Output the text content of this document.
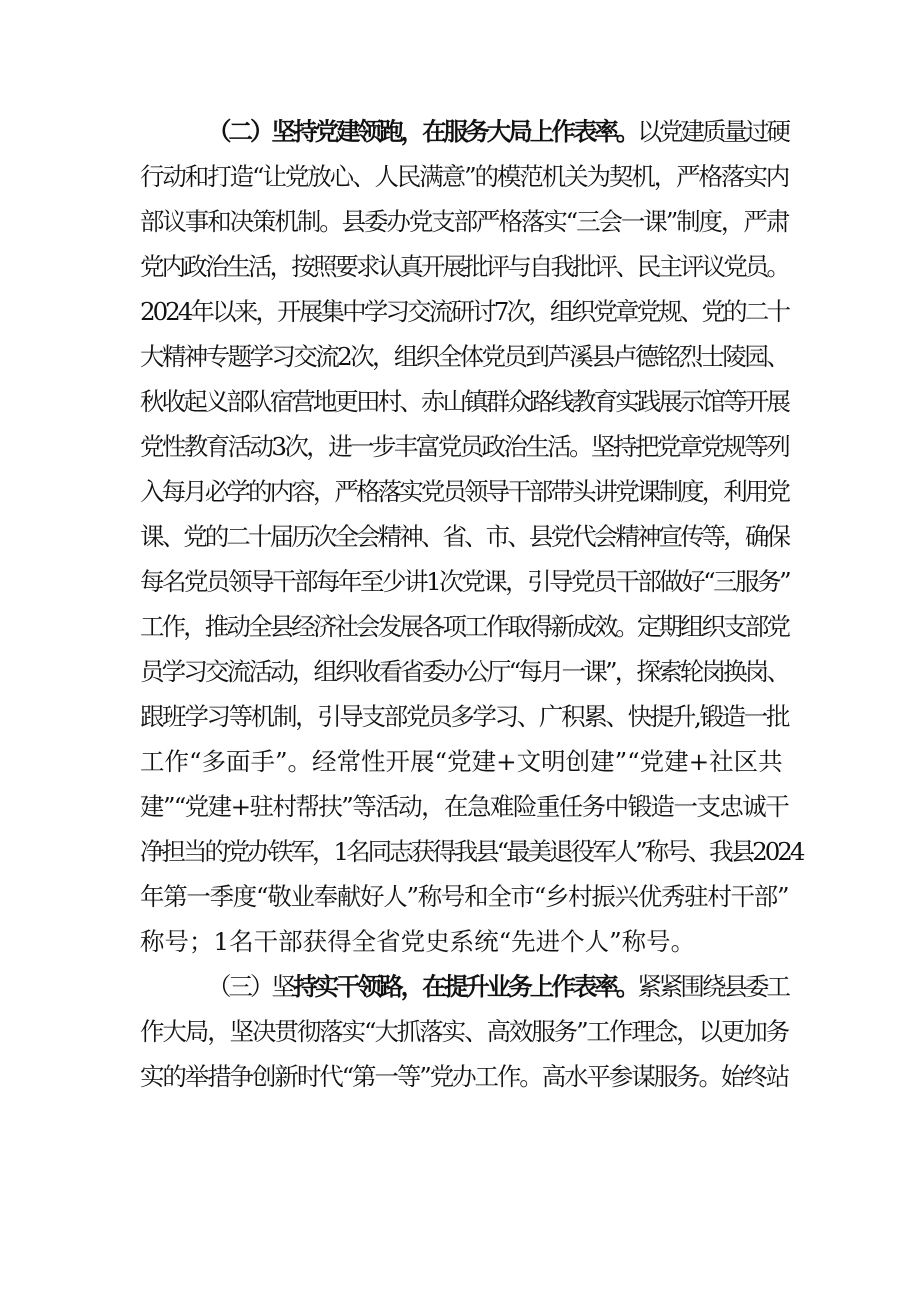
（二）坚持党建领跑，在服务大局上作表率。以党建质量过硬
行动和打造“让党放心、人民满意”的模范机关为契机，严格落实内
部议事和决策机制。县委办党支部严格落实“三会一课”制度，严肃
党内政治生活，按照要求认真开展批评与自我批评、民主评议党员。
2024年以来，开展集中学习交流研讨7次，组织党章党规、党的二十
大精神专题学习交流2次，组织全体党员到芦溪县卢德铭烈士陵园、
秋收起义部队宿营地更田村、赤山镇群众路线教育实践展示馆等开展
党性教育活动3次，进一步丰富党员政治生活。坚持把党章党规等列
入每月必学的内容，严格落实党员领导干部带头讲党课制度，利用党
课、党的二十届历次全会精神、省、市、县党代会精神宣传等，确保
每名党员领导干部每年至少讲1次党课，引导党员干部做好“三服务”
工作，推动全县经济社会发展各项工作取得新成效。定期组织支部党
员学习交流活动，组织收看省委办公厅“每月一课”，探索轮岗换岗、
跟班学习等机制，引导支部党员多学习、广积累、快提升,锻造一批
工作“多面手”。经常性开展“党建+文明创建”“党建+社区共
建”“党建+驻村帮扶”等活动，在急难险重任务中锻造一支忠诚干
净担当的党办铁军，1名同志获得我县“最美退役军人”称号、我县2024
年第一季度“敬业奉献好人”称号和全市“乡村振兴优秀驻村干部”
称号；1名干部获得全省党史系统“先进个人”称号。
（三）坚持实干领路，在提升业务上作表率。紧紧围绕县委工
作大局，坚决贯彻落实“大抓落实、高效服务”工作理念，以更加务
实的举措争创新时代“第一等”党办工作。高水平参谋服务。始终站
